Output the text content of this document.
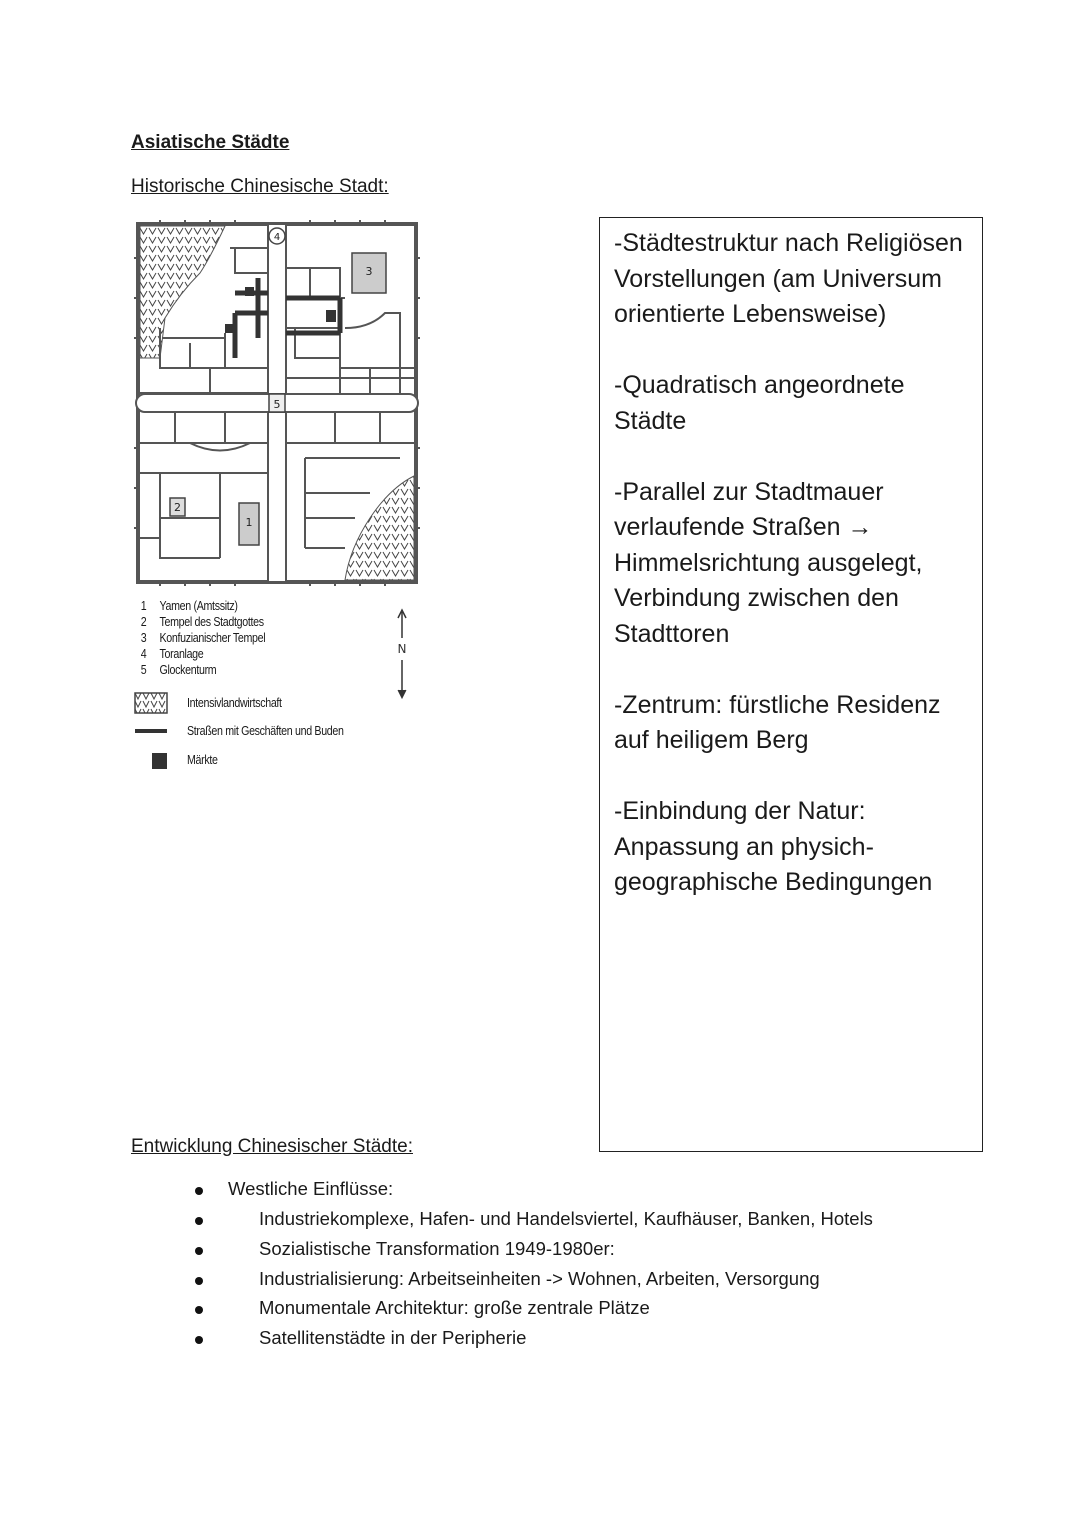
Asiatische Städte
Historische Chinesische Stadt:
3
1
2
5
4
1 Yamen (Amtssitz)
2 Tempel des Stadtgottes
3 Konfuzianischer Tempel
4 Toranlage
5 Glockenturm
Intensivlandwirtschaft
Straßen mit Geschäften und Buden
Märkte
N

-Städtestruktur nach Religiösen Vorstellungen (am Universum orientierte Lebensweise)

-Quadratisch angeordnete Städte

-Parallel zur Stadtmauer verlaufende Straßen → Himmelsrichtung ausgelegt, Verbindung zwischen den Stadttoren

-Zentrum: fürstliche Residenz auf heiligem Berg

-Einbindung der Natur: Anpassung an physich-geographische Bedingungen

Entwicklung Chinesischer Städte:
Westliche Einflüsse:
Industriekomplexe, Hafen- und Handelsviertel, Kaufhäuser, Banken, Hotels
Sozialistische Transformation 1949-1980er:
Industrialisierung: Arbeitseinheiten -> Wohnen, Arbeiten, Versorgung
Monumentale Architektur: große zentrale Plätze
Satellitenstädte in der Peripherie
